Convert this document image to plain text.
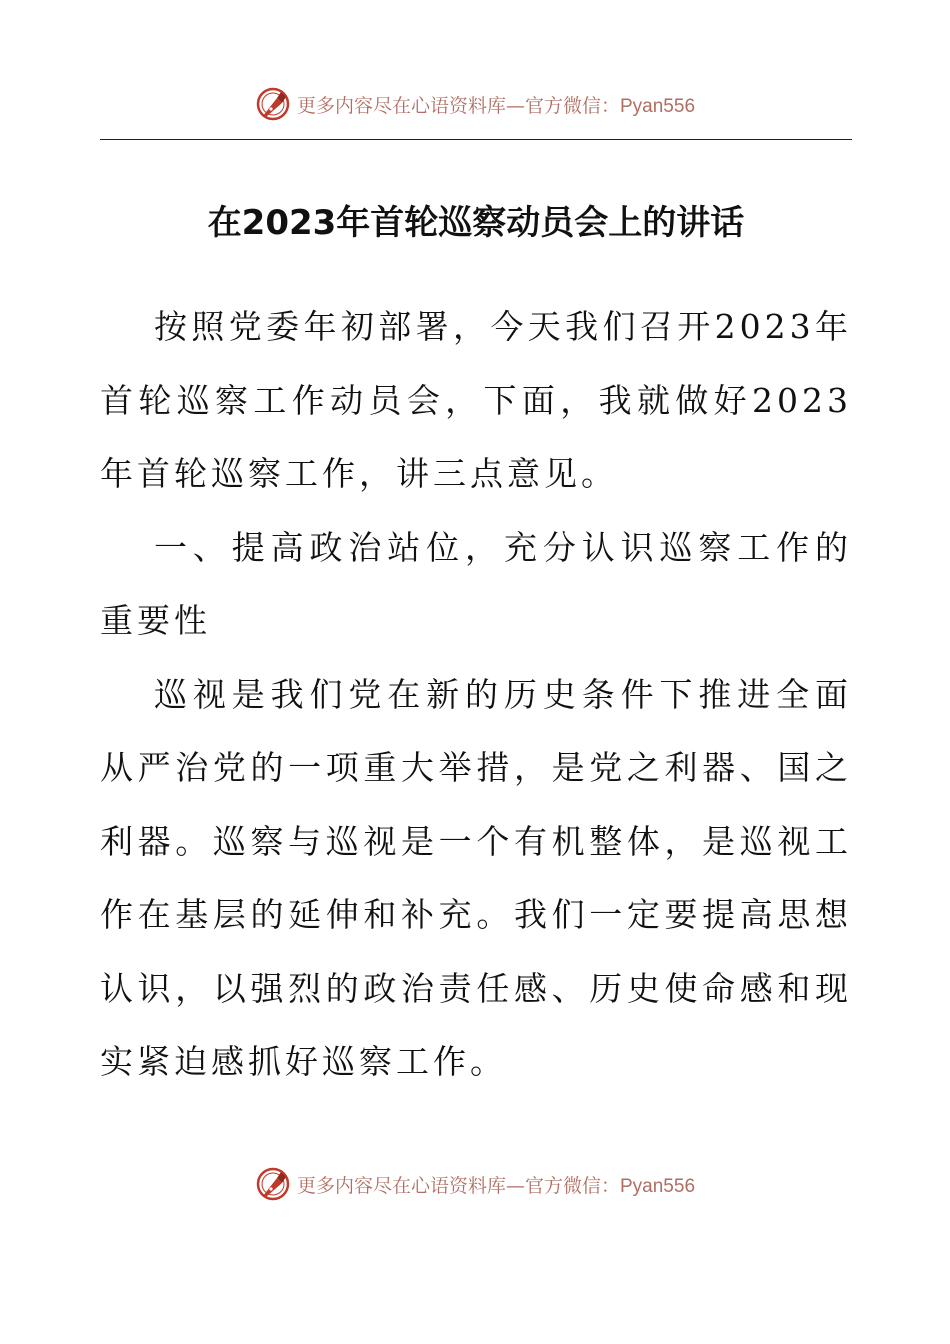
更多内容尽在心语资料库—官方微信：Pyan556
在2023年首轮巡察动员会上的讲话

按照党委年初部署，今天我们召开2023年首轮巡察工作动员会，下面，我就做好2023年首轮巡察工作，讲三点意见。

一、提高政治站位，充分认识巡察工作的重要性

巡视是我们党在新的历史条件下推进全面从严治党的一项重大举措，是党之利器、国之利器。巡察与巡视是一个有机整体，是巡视工作在基层的延伸和补充。我们一定要提高思想认识，以强烈的政治责任感、历史使命感和现实紧迫感抓好巡察工作。

更多内容尽在心语资料库—官方微信：Pyan556
